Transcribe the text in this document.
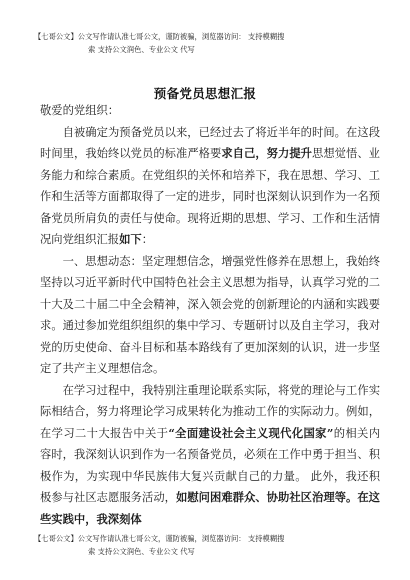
【七哥公文】公文写作请认准七哥公文，谨防被骗，浏览器访问： 支持模糊搜
索 支持公文润色、专业公文 代写
预备党员思想汇报

敬爱的党组织：

自被确定为预备党员以来，已经过去了将近半年的时间。在这段时间里，我始终以党员的标准严格要求自己，努力提升思想觉悟、业务能力和综合素质。在党组织的关怀和培养下，我在思想、学习、工作和生活等方面都取得了一定的进步，同时也深刻认识到作为一名预备党员所肩负的责任与使命。现将近期的思想、学习、工作和生活情况向党组织汇报如下：

一、思想动态：坚定理想信念，增强党性修养在思想上，我始终坚持以习近平新时代中国特色社会主义思想为指导，认真学习党的二十大及二十届二中全会精神，深入领会党的创新理论的内涵和实践要求。通过参加党组织组织的集中学习、专题研讨以及自主学习，我对党的历史使命、奋斗目标和基本路线有了更加深刻的认识，进一步坚定了共产主义理想信念。

在学习过程中，我特别注重理论联系实际，将党的理论与工作实际相结合，努力将理论学习成果转化为推动工作的实际动力。例如，在学习二十大报告中关于“全面建设社会主义现代化国家”的相关内容时，我深刻认识到作为一名预备党员，必须在工作中勇于担当、积极作为，为实现中华民族伟大复兴贡献自己的力量。 此外，我还积极参与社区志愿服务活动，如慰问困难群众、协助社区治理等。在这些实践中，我深刻体

【七哥公文】公文写作请认准七哥公文，谨防被骗，浏览器访问： 支持模糊搜
索 支持公文润色、专业公文 代写
